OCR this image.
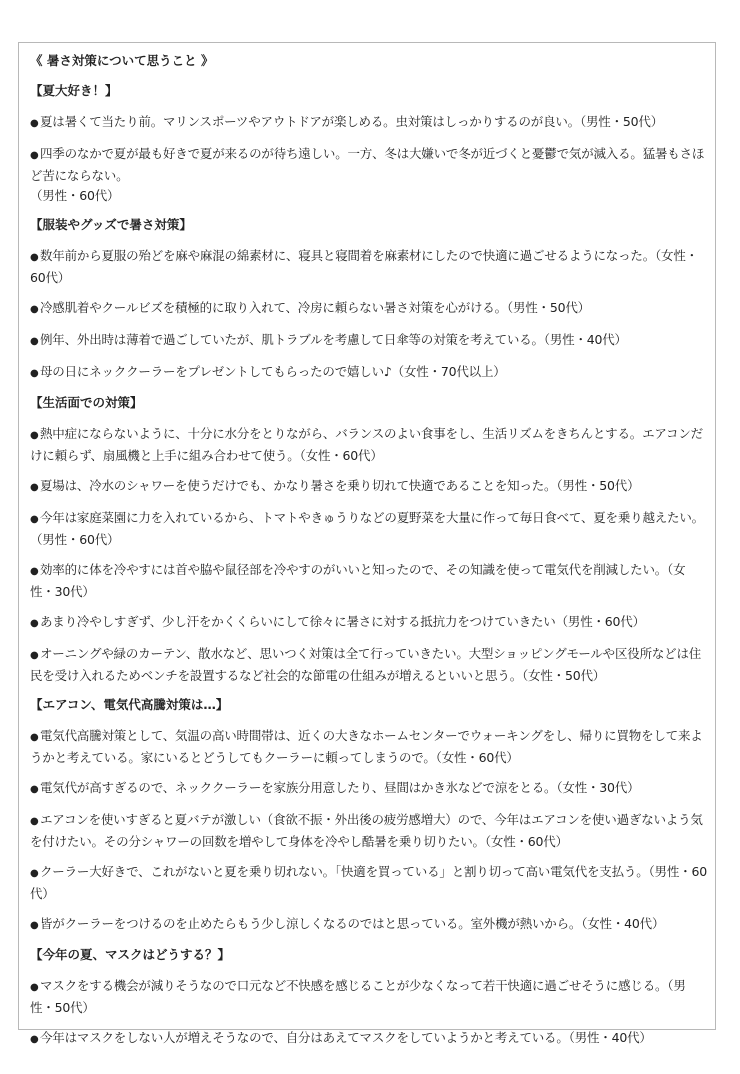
《 暑さ対策について思うこと 》
【夏大好き！】
●夏は暑くて当たり前。マリンスポーツやアウトドアが楽しめる。虫対策はしっかりするのが良い。（男性・50代）
●四季のなかで夏が最も好きで夏が来るのが待ち遠しい。一方、冬は大嫌いで冬が近づくと憂鬱で気が滅入る。猛暑もさほど苦にならない。
（男性・60代）
【服装やグッズで暑さ対策】
●数年前から夏服の殆どを麻や麻混の綿素材に、寝具と寝間着を麻素材にしたので快適に過ごせるようになった。（女性・60代）
●冷感肌着やクールビズを積極的に取り入れて、冷房に頼らない暑さ対策を心がける。（男性・50代）
●例年、外出時は薄着で過ごしていたが、肌トラブルを考慮して日傘等の対策を考えている。（男性・40代）
●母の日にネッククーラーをプレゼントしてもらったので嬉しい♪（女性・70代以上）
【生活面での対策】
●熱中症にならないように、十分に水分をとりながら、バランスのよい食事をし、生活リズムをきちんとする。エアコンだけに頼らず、扇風機と上手に組み合わせて使う。（女性・60代）
●夏場は、冷水のシャワーを使うだけでも、かなり暑さを乗り切れて快適であることを知った。（男性・50代）
●今年は家庭菜園に力を入れているから、トマトやきゅうりなどの夏野菜を大量に作って毎日食べて、夏を乗り越えたい。（男性・60代）
●効率的に体を冷やすには首や脇や鼠径部を冷やすのがいいと知ったので、その知識を使って電気代を削減したい。（女性・30代）
●あまり冷やしすぎず、少し汗をかくくらいにして徐々に暑さに対する抵抗力をつけていきたい（男性・60代）
●オーニングや緑のカーテン、散水など、思いつく対策は全て行っていきたい。大型ショッピングモールや区役所などは住民を受け入れるためベンチを設置するなど社会的な節電の仕組みが増えるといいと思う。（女性・50代）
【エアコン、電気代高騰対策は…】
●電気代高騰対策として、気温の高い時間帯は、近くの大きなホームセンターでウォーキングをし、帰りに買物をして来ようかと考えている。家にいるとどうしてもクーラーに頼ってしまうので。（女性・60代）
●電気代が高すぎるので、ネッククーラーを家族分用意したり、昼間はかき氷などで涼をとる。（女性・30代）
●エアコンを使いすぎると夏バテが激しい（食欲不振・外出後の疲労感増大）ので、今年はエアコンを使い過ぎないよう気を付けたい。その分シャワーの回数を増やして身体を冷やし酷暑を乗り切りたい。（女性・60代）
●クーラー大好きで、これがないと夏を乗り切れない。「快適を買っている」と割り切って高い電気代を支払う。（男性・60代）
●皆がクーラーをつけるのを止めたらもう少し涼しくなるのではと思っている。室外機が熱いから。（女性・40代）
【今年の夏、マスクはどうする？】
●マスクをする機会が減りそうなので口元など不快感を感じることが少なくなって若干快適に過ごせそうに感じる。（男性・50代）
●今年はマスクをしない人が増えそうなので、自分はあえてマスクをしていようかと考えている。（男性・40代）
